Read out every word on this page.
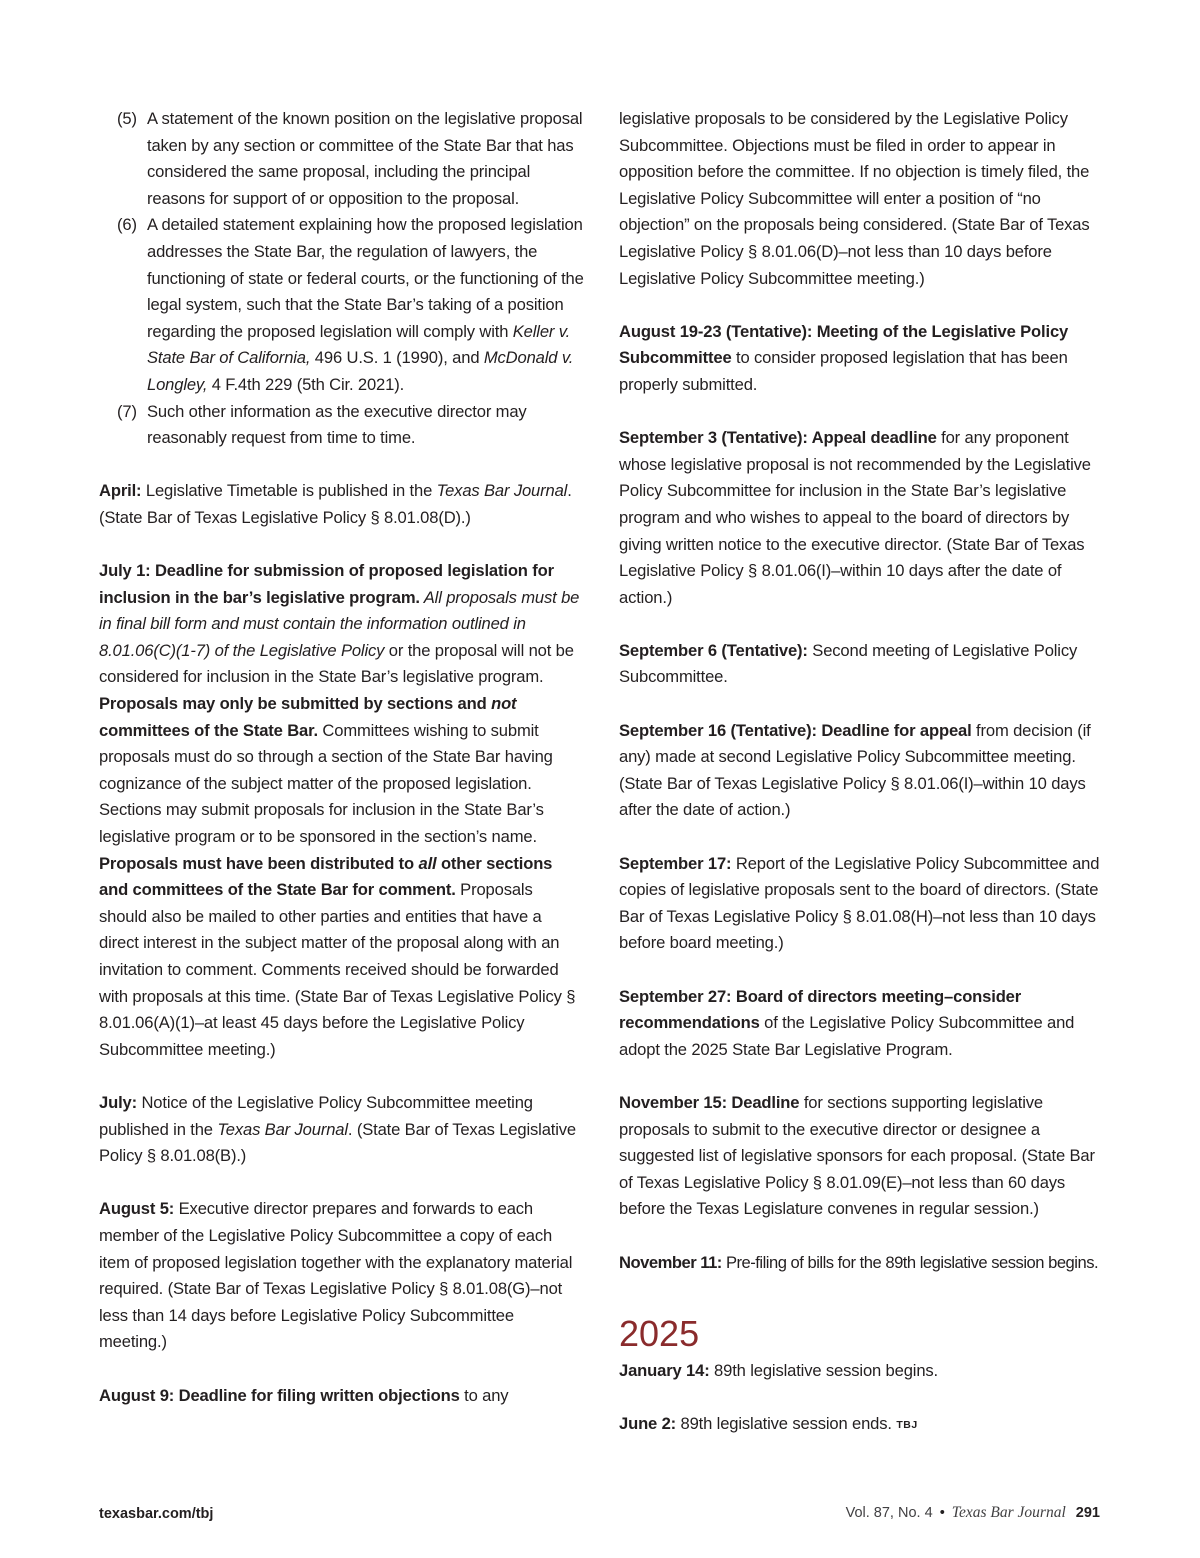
(5) A statement of the known position on the legislative proposal taken by any section or committee of the State Bar that has considered the same proposal, including the principal reasons for support of or opposition to the proposal.
(6) A detailed statement explaining how the proposed legislation addresses the State Bar, the regulation of lawyers, the functioning of state or federal courts, or the functioning of the legal system, such that the State Bar’s taking of a position regarding the proposed legislation will comply with Keller v. State Bar of California, 496 U.S. 1 (1990), and McDonald v. Longley, 4 F.4th 229 (5th Cir. 2021).
(7) Such other information as the executive director may reasonably request from time to time.

April: Legislative Timetable is published in the Texas Bar Journal. (State Bar of Texas Legislative Policy § 8.01.08(D).)

July 1: Deadline for submission of proposed legislation for inclusion in the bar’s legislative program. All proposals must be in final bill form and must contain the information outlined in 8.01.06(C)(1-7) of the Legislative Policy or the proposal will not be considered for inclusion in the State Bar’s legislative program. Proposals may only be submitted by sections and not committees of the State Bar. Committees wishing to submit proposals must do so through a section of the State Bar having cognizance of the subject matter of the proposed legislation. Sections may submit proposals for inclusion in the State Bar’s legislative program or to be sponsored in the section’s name. Proposals must have been distributed to all other sections and committees of the State Bar for comment. Proposals should also be mailed to other parties and entities that have a direct interest in the subject matter of the proposal along with an invitation to comment. Comments received should be forwarded with proposals at this time. (State Bar of Texas Legislative Policy § 8.01.06(A)(1)–at least 45 days before the Legislative Policy Subcommittee meeting.)

July: Notice of the Legislative Policy Subcommittee meeting published in the Texas Bar Journal. (State Bar of Texas Legislative Policy § 8.01.08(B).)

August 5: Executive director prepares and forwards to each member of the Legislative Policy Subcommittee a copy of each item of proposed legislation together with the explanatory material required. (State Bar of Texas Legislative Policy § 8.01.08(G)–not less than 14 days before Legislative Policy Subcommittee meeting.)

August 9: Deadline for filing written objections to any

legislative proposals to be considered by the Legislative Policy Subcommittee. Objections must be filed in order to appear in opposition before the committee. If no objection is timely filed, the Legislative Policy Subcommittee will enter a position of “no objection” on the proposals being considered. (State Bar of Texas Legislative Policy § 8.01.06(D)–not less than 10 days before Legislative Policy Subcommittee meeting.)

August 19-23 (Tentative): Meeting of the Legislative Policy Subcommittee to consider proposed legislation that has been properly submitted.

September 3 (Tentative): Appeal deadline for any proponent whose legislative proposal is not recommended by the Legislative Policy Subcommittee for inclusion in the State Bar’s legislative program and who wishes to appeal to the board of directors by giving written notice to the executive director. (State Bar of Texas Legislative Policy § 8.01.06(I)–within 10 days after the date of action.)

September 6 (Tentative): Second meeting of Legislative Policy Subcommittee.

September 16 (Tentative): Deadline for appeal from decision (if any) made at second Legislative Policy Subcommittee meeting. (State Bar of Texas Legislative Policy § 8.01.06(I)–within 10 days after the date of action.)

September 17: Report of the Legislative Policy Subcommittee and copies of legislative proposals sent to the board of directors. (State Bar of Texas Legislative Policy § 8.01.08(H)–not less than 10 days before board meeting.)

September 27: Board of directors meeting–consider recommendations of the Legislative Policy Subcommittee and adopt the 2025 State Bar Legislative Program.

November 15: Deadline for sections supporting legislative proposals to submit to the executive director or designee a suggested list of legislative sponsors for each proposal. (State Bar of Texas Legislative Policy § 8.01.09(E)–not less than 60 days before the Texas Legislature convenes in regular session.)

November 11: Pre-filing of bills for the 89th legislative session begins.

2025

January 14: 89th legislative session begins.

June 2: 89th legislative session ends. TBJ

texasbar.com/tbj	Vol. 87, No. 4 • Texas Bar Journal 291
